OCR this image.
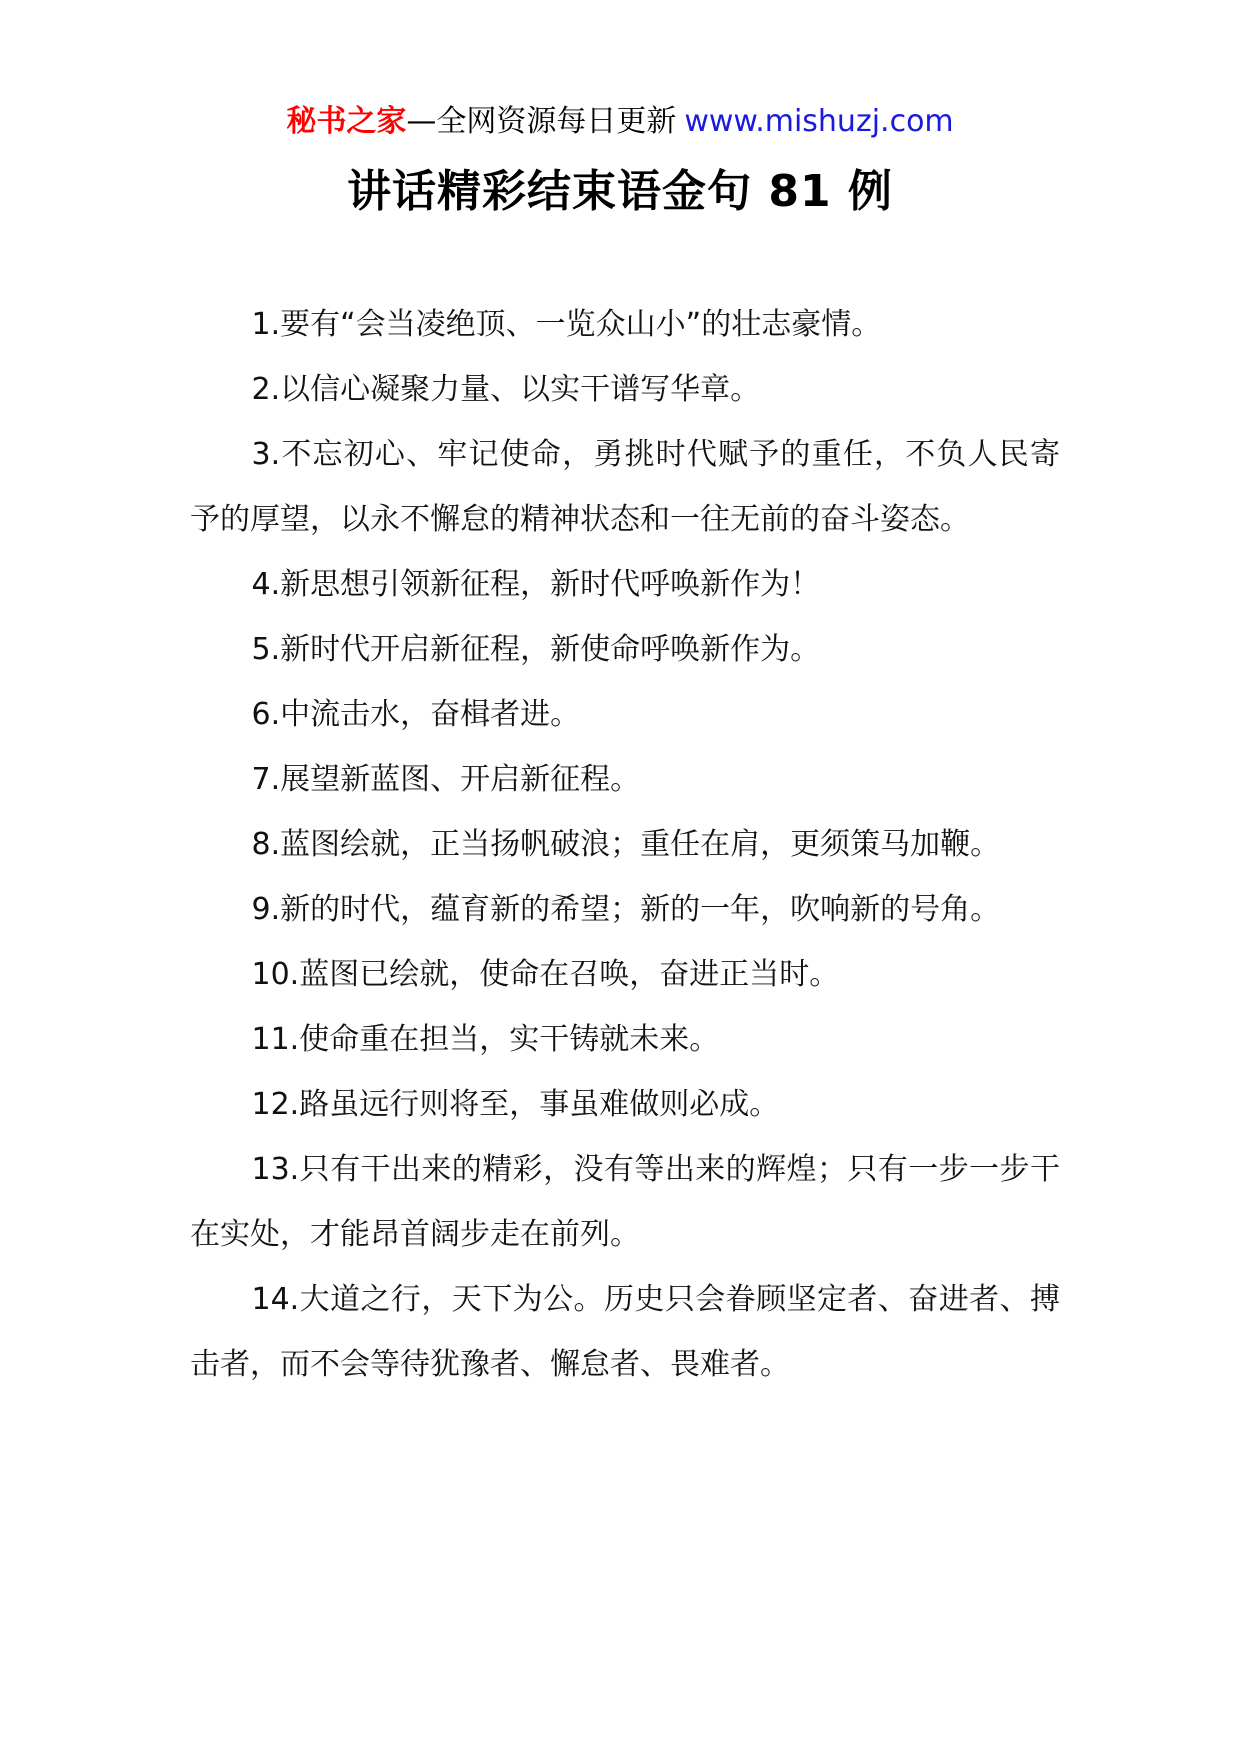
秘书之家—全网资源每日更新 www.mishuzj.com
讲话精彩结束语金句 81 例

1.要有“会当凌绝顶、一览众山小”的壮志豪情。

2.以信心凝聚力量、以实干谱写华章。

3.不忘初心、牢记使命，勇挑时代赋予的重任，不负人民寄予的厚望，以永不懈怠的精神状态和一往无前的奋斗姿态。

4.新思想引领新征程，新时代呼唤新作为！

5.新时代开启新征程，新使命呼唤新作为。

6.中流击水，奋楫者进。

7.展望新蓝图、开启新征程。

8.蓝图绘就，正当扬帆破浪；重任在肩，更须策马加鞭。

9.新的时代，蕴育新的希望；新的一年，吹响新的号角。

10.蓝图已绘就，使命在召唤，奋进正当时。

11.使命重在担当，实干铸就未来。

12.路虽远行则将至，事虽难做则必成。

13.只有干出来的精彩，没有等出来的辉煌；只有一步一步干在实处，才能昂首阔步走在前列。

14.大道之行，天下为公。历史只会眷顾坚定者、奋进者、搏击者，而不会等待犹豫者、懈怠者、畏难者。
